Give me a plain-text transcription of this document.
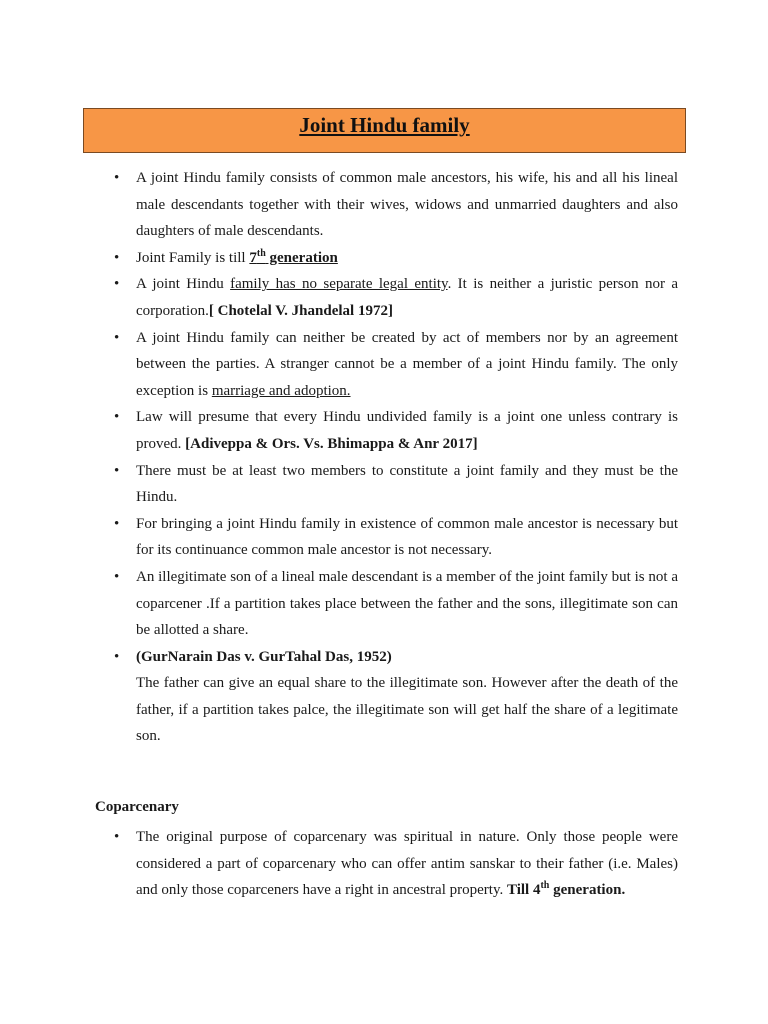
Joint Hindu family
• A joint Hindu family consists of common male ancestors, his wife, his and all his lineal male descendants together with their wives, widows and unmarried daughters and also daughters of male descendants.
• Joint Family is till 7th generation
• A joint Hindu family has no separate legal entity. It is neither a juristic person nor a corporation.[ Chotelal V. Jhandelal 1972]
• A joint Hindu family can neither be created by act of members nor by an agreement between the parties. A stranger cannot be a member of a joint Hindu family. The only exception is marriage and adoption.
• Law will presume that every Hindu undivided family is a joint one unless contrary is proved. [Adiveppa & Ors. Vs. Bhimappa & Anr 2017]
• There must be at least two members to constitute a joint family and they must be the Hindu.
• For bringing a joint Hindu family in existence of common male ancestor is necessary but for its continuance common male ancestor is not necessary.
• An illegitimate son of a lineal male descendant is a member of the joint family but is not a coparcener .If a partition takes place between the father and the sons, illegitimate son can be allotted a share.
• (GurNarain Das v. GurTahal Das, 1952)
The father can give an equal share to the illegitimate son. However after the death of the father, if a partition takes palce, the illegitimate son will get half the share of a legitimate son.
Coparcenary
• The original purpose of coparcenary was spiritual in nature. Only those people were considered a part of coparcenary who can offer antim sanskar to their father (i.e. Males) and only those coparceners have a right in ancestral property. Till 4th generation.
